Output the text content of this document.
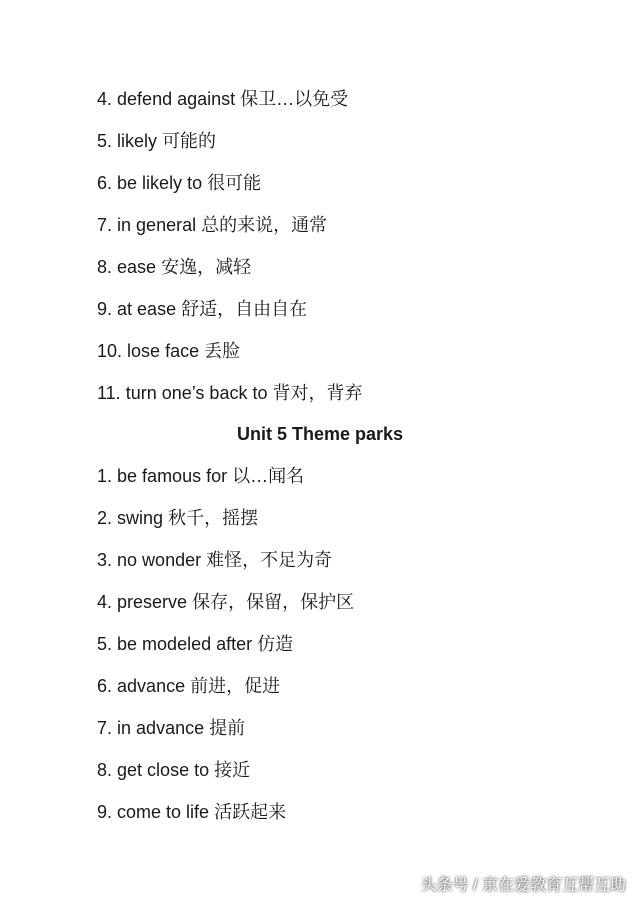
4. defend against 保卫…以免受
5. likely 可能的
6. be likely to 很可能
7. in general 总的来说，通常
8. ease 安逸，减轻
9. at ease 舒适，自由自在
10. lose face 丢脸
11. turn one’s back to 背对，背弃
Unit 5 Theme parks
1. be famous for 以…闻名
2. swing 秋千，摇摆
3. no wonder 难怪，不足为奇
4. preserve 保存，保留，保护区
5. be modeled after 仿造
6. advance 前进，促进
7. in advance 提前
8. get close to 接近
9. come to life 活跃起来
头条号 / 京在爱教育互帮互助
